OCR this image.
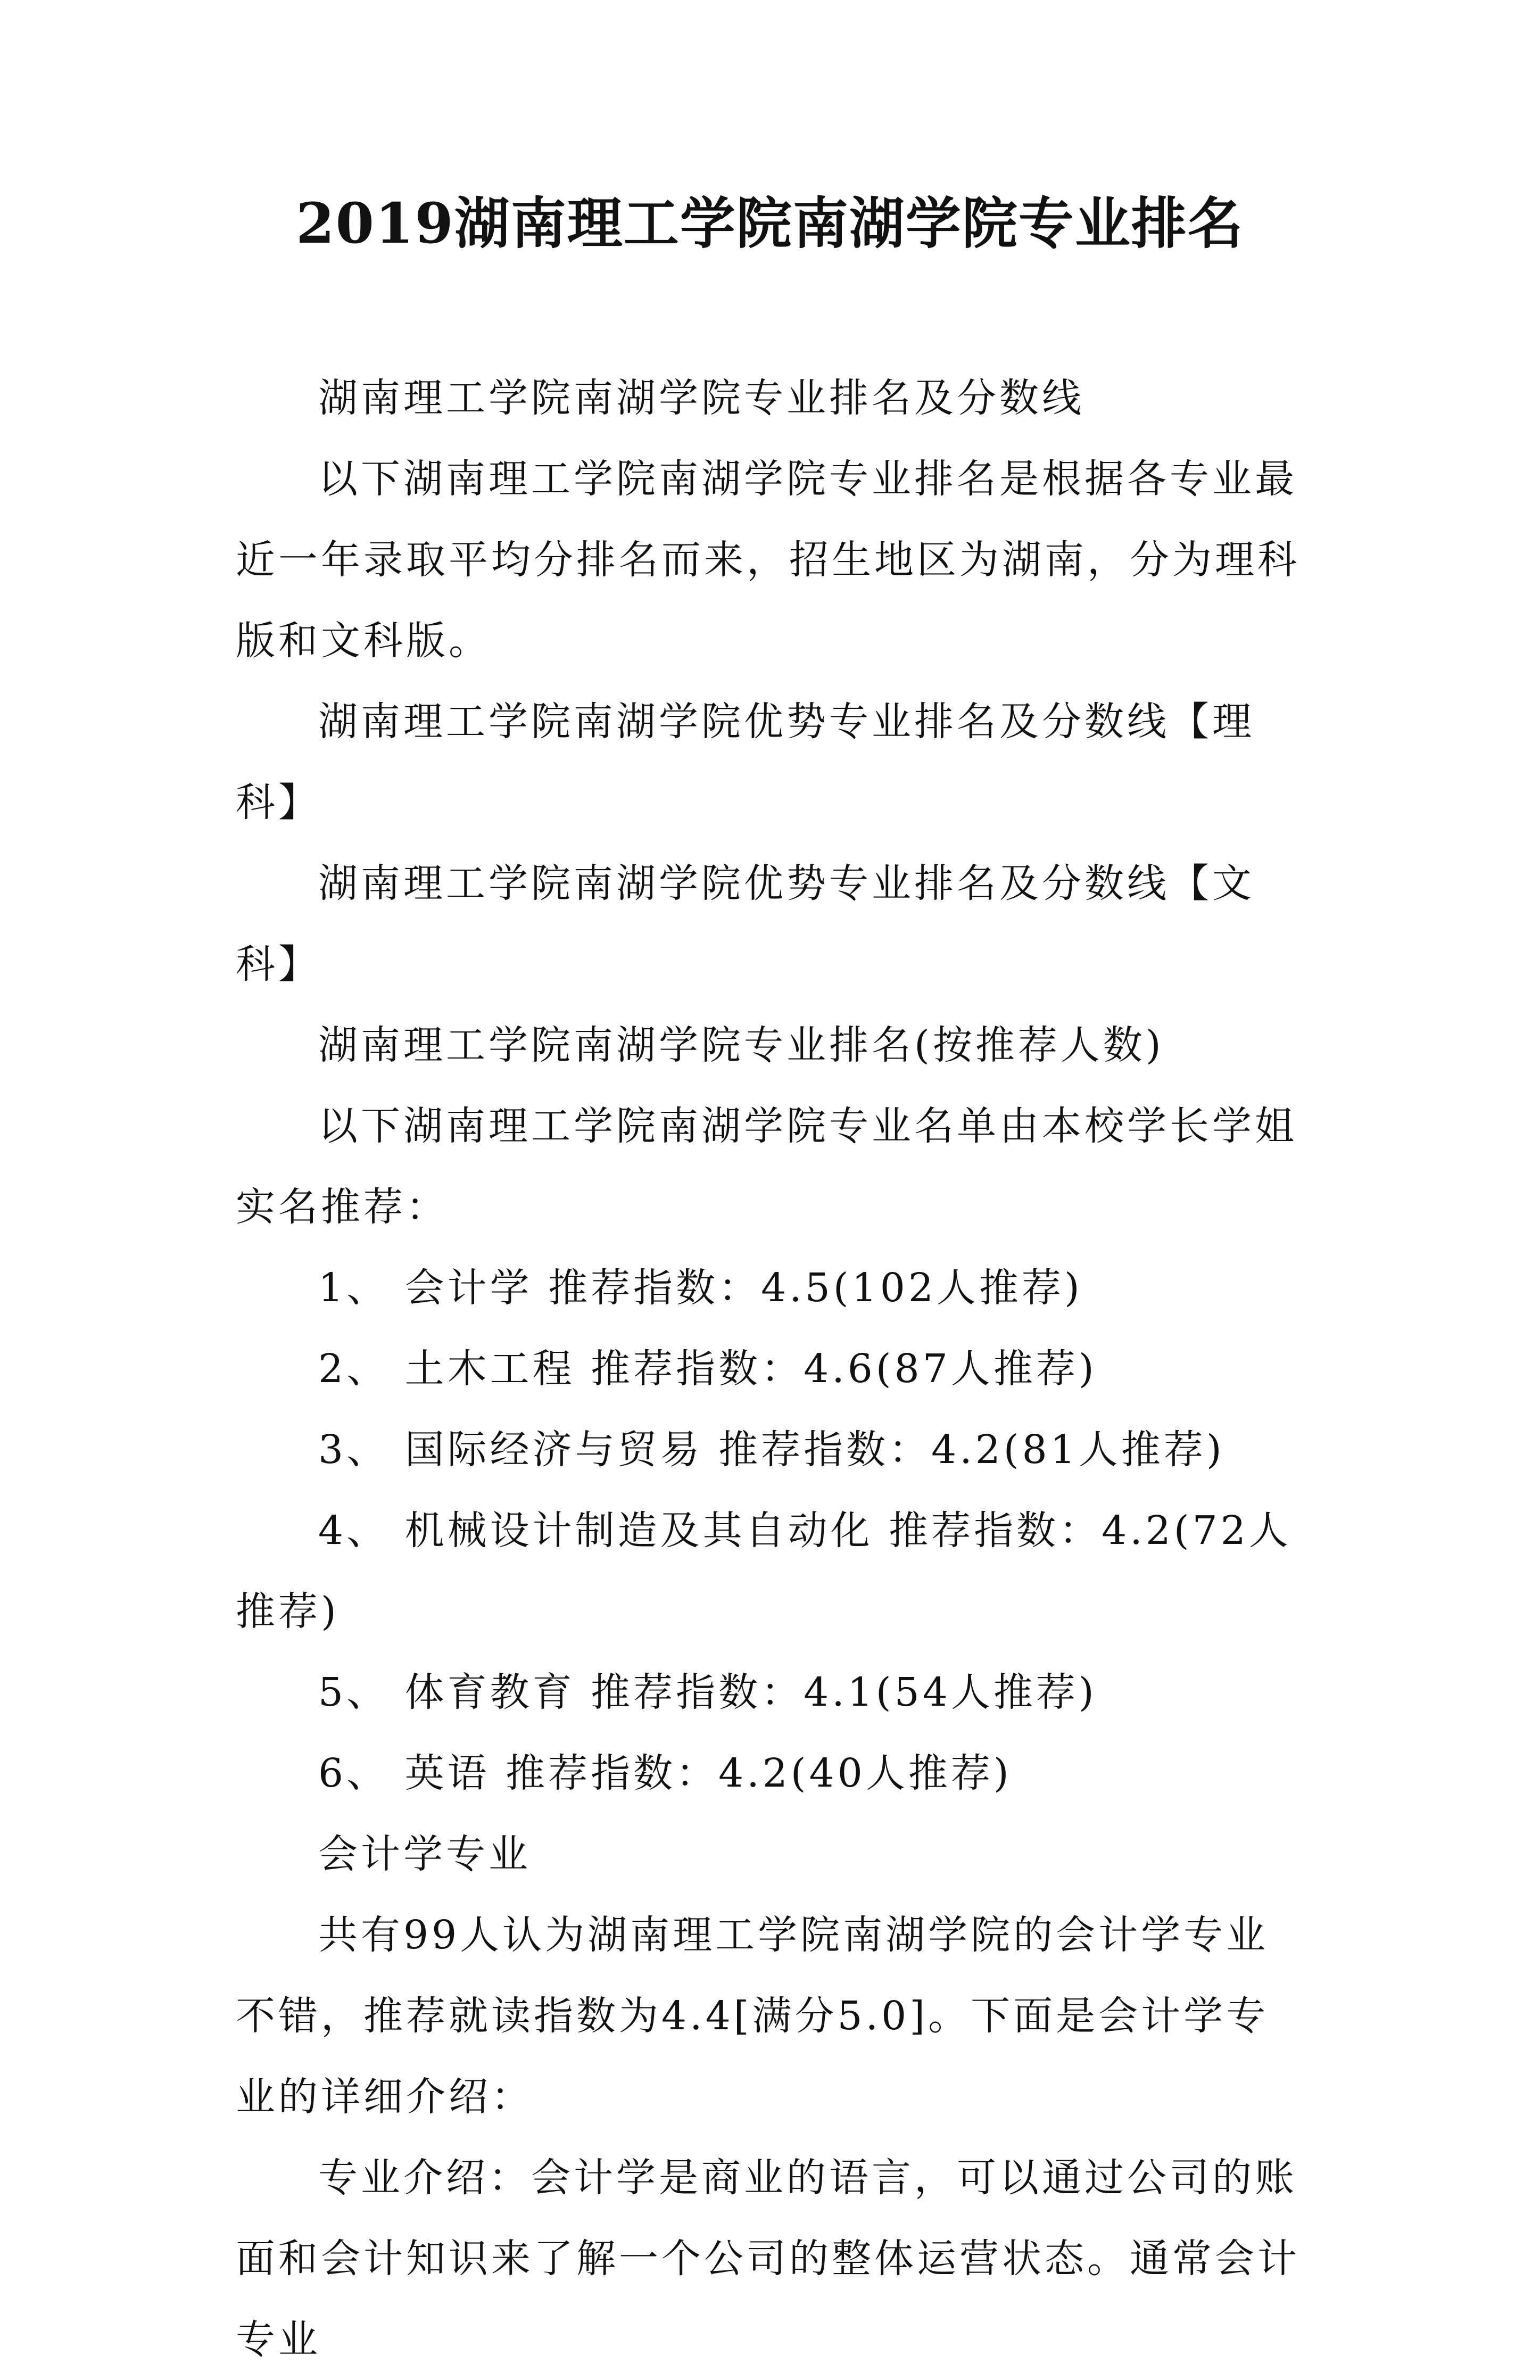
2019湖南理工学院南湖学院专业排名

湖南理工学院南湖学院专业排名及分数线

以下湖南理工学院南湖学院专业排名是根据各专业最近一年录取平均分排名而来，招生地区为湖南，分为理科版和文科版。

湖南理工学院南湖学院优势专业排名及分数线【理科】

湖南理工学院南湖学院优势专业排名及分数线【文科】

湖南理工学院南湖学院专业排名(按推荐人数)

以下湖南理工学院南湖学院专业名单由本校学长学姐实名推荐：

1、 会计学 推荐指数：4.5(102人推荐)

2、 土木工程 推荐指数：4.6(87人推荐)

3、 国际经济与贸易 推荐指数：4.2(81人推荐)

4、 机械设计制造及其自动化 推荐指数：4.2(72人推荐)

5、 体育教育 推荐指数：4.1(54人推荐)

6、 英语 推荐指数：4.2(40人推荐)

会计学专业

共有99人认为湖南理工学院南湖学院的会计学专业不错，推荐就读指数为4.4[满分5.0]。下面是会计学专业的详细介绍：

专业介绍：会计学是商业的语言，可以通过公司的账面和会计知识来了解一个公司的整体运营状态。通常会计专业
